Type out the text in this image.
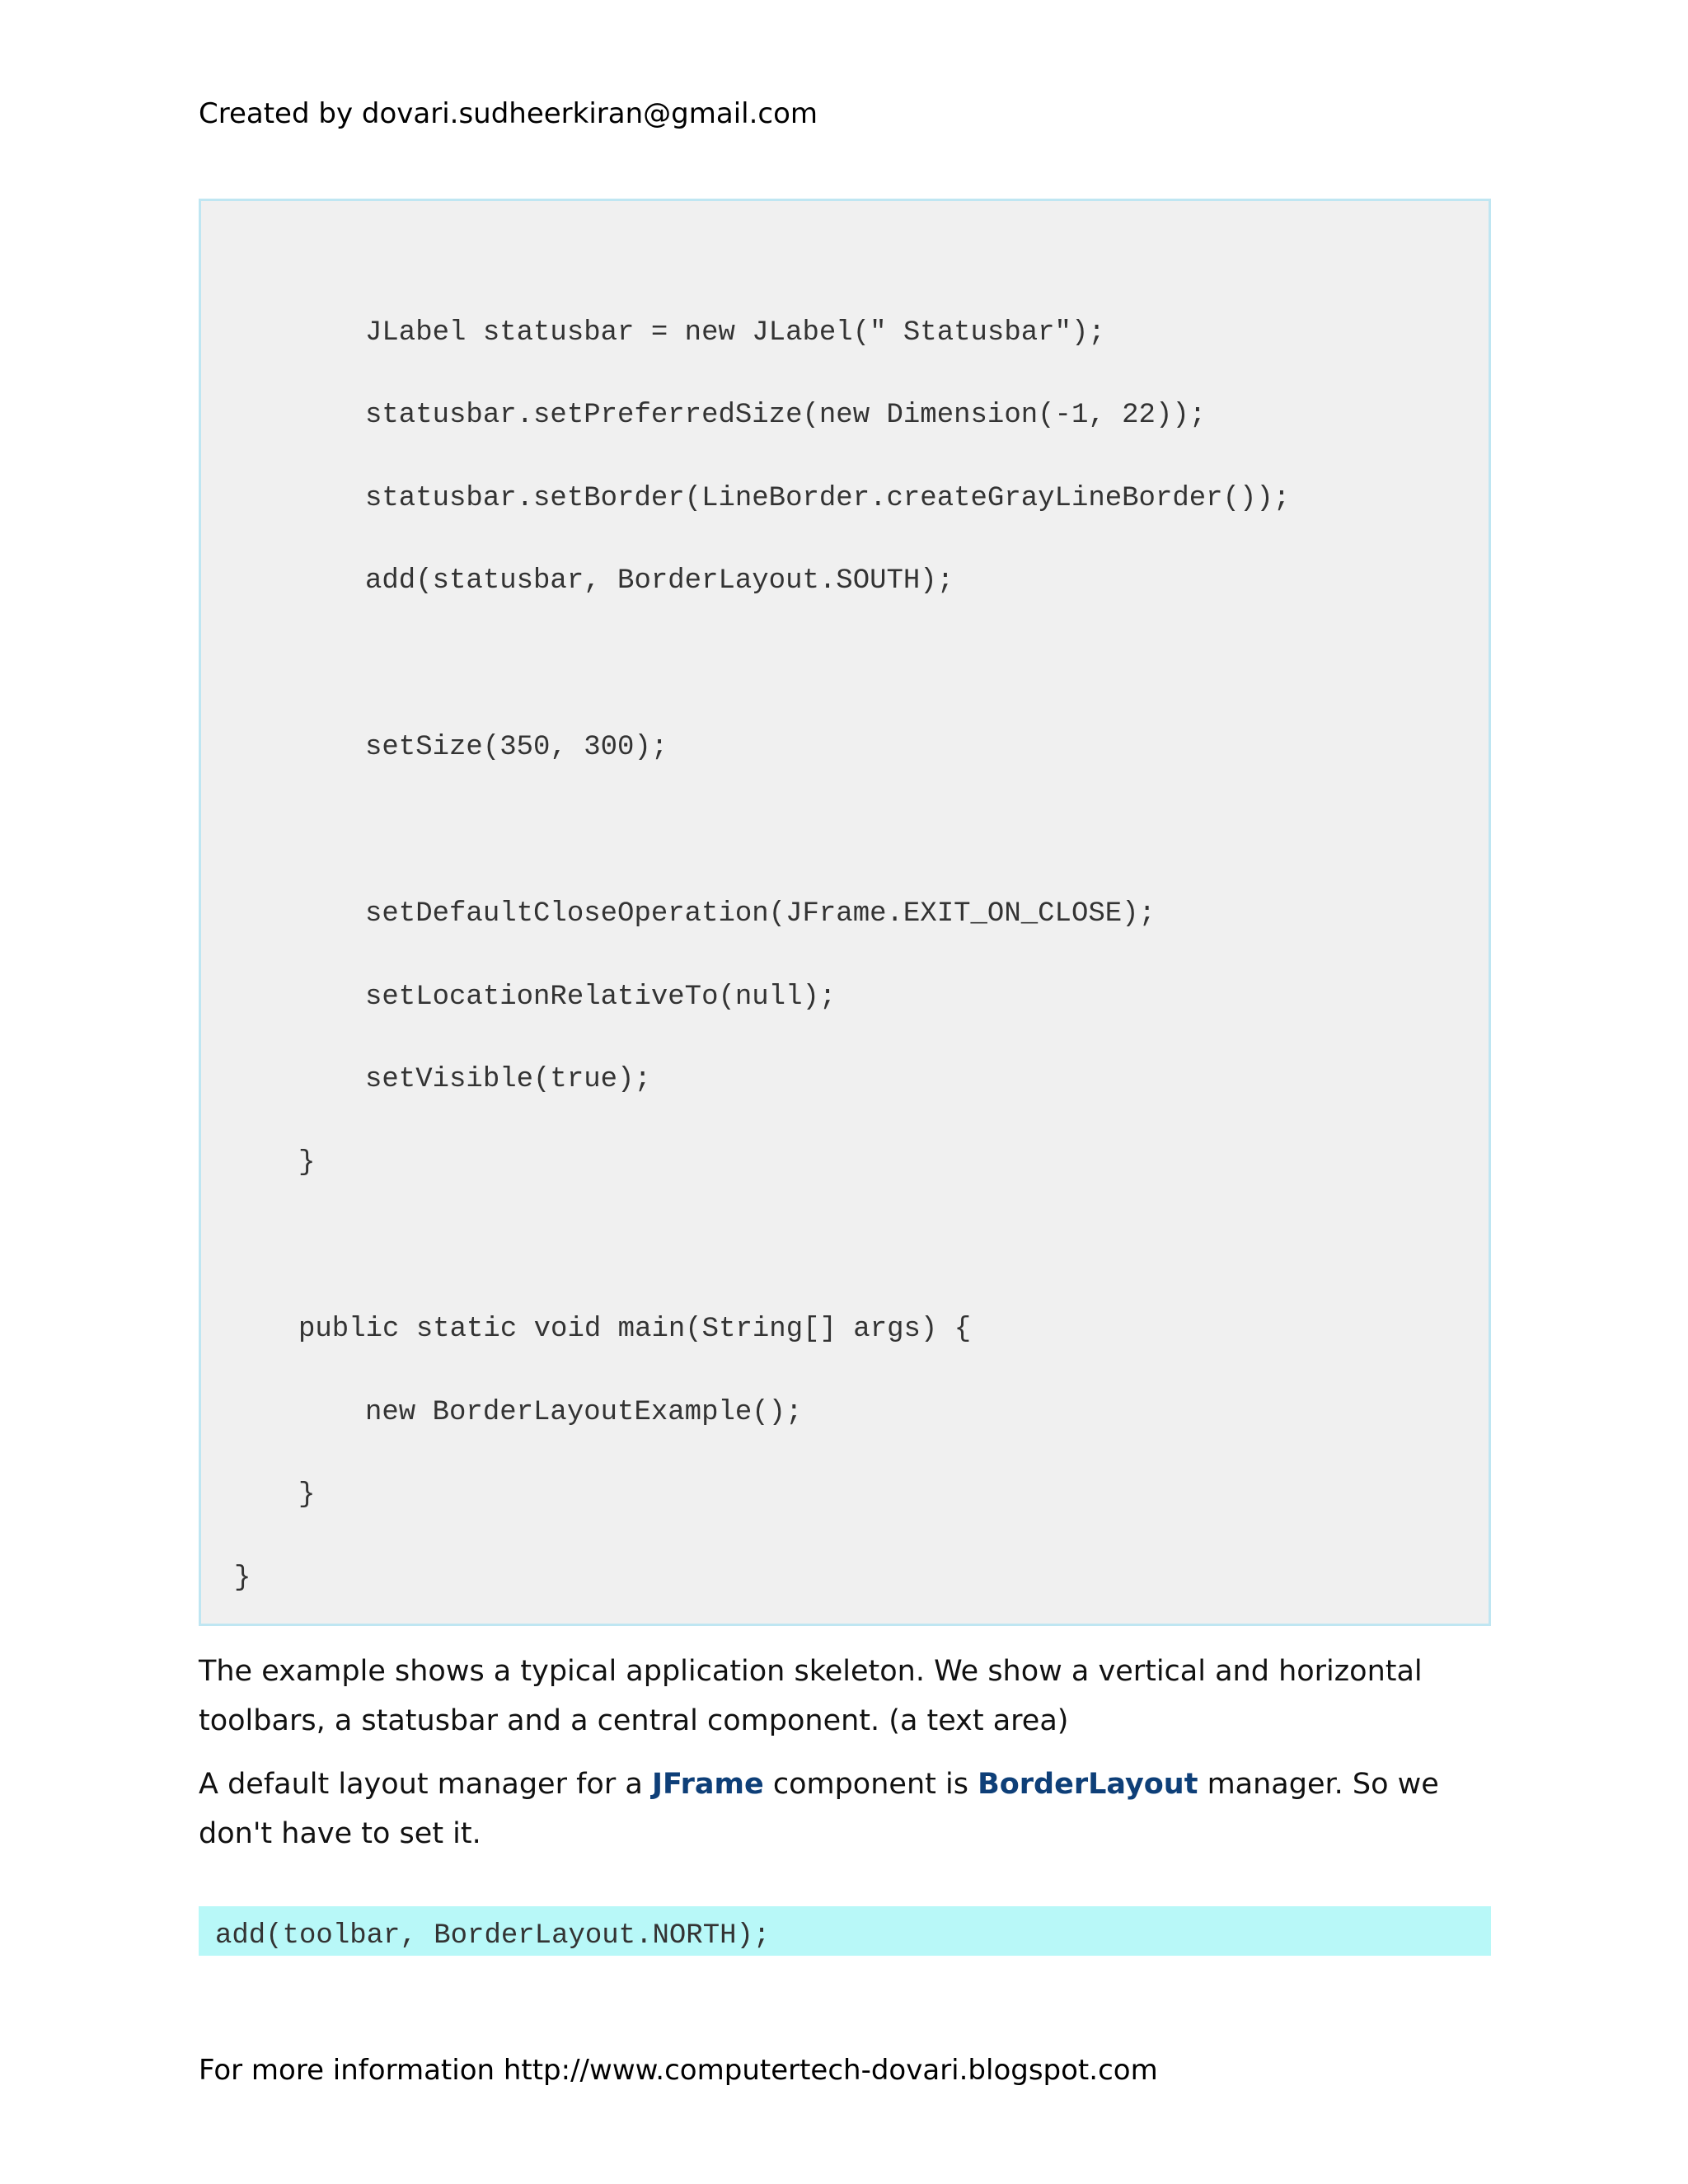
Created by dovari.sudheerkiran@gmail.com
JLabel statusbar = new JLabel(" Statusbar");
statusbar.setPreferredSize(new Dimension(-1, 22));
statusbar.setBorder(LineBorder.createGrayLineBorder());
add(statusbar, BorderLayout.SOUTH);
setSize(350, 300);
setDefaultCloseOperation(JFrame.EXIT_ON_CLOSE);
setLocationRelativeTo(null);
setVisible(true);
}
public static void main(String[] args) {
new BorderLayoutExample();
}
}
The example shows a typical application skeleton. We show a vertical and horizontal toolbars, a statusbar and a central component. (a text area)
A default layout manager for a JFrame component is BorderLayout manager. So we don't have to set it.
add(toolbar, BorderLayout.NORTH);
For more information http://www.computertech-dovari.blogspot.com
